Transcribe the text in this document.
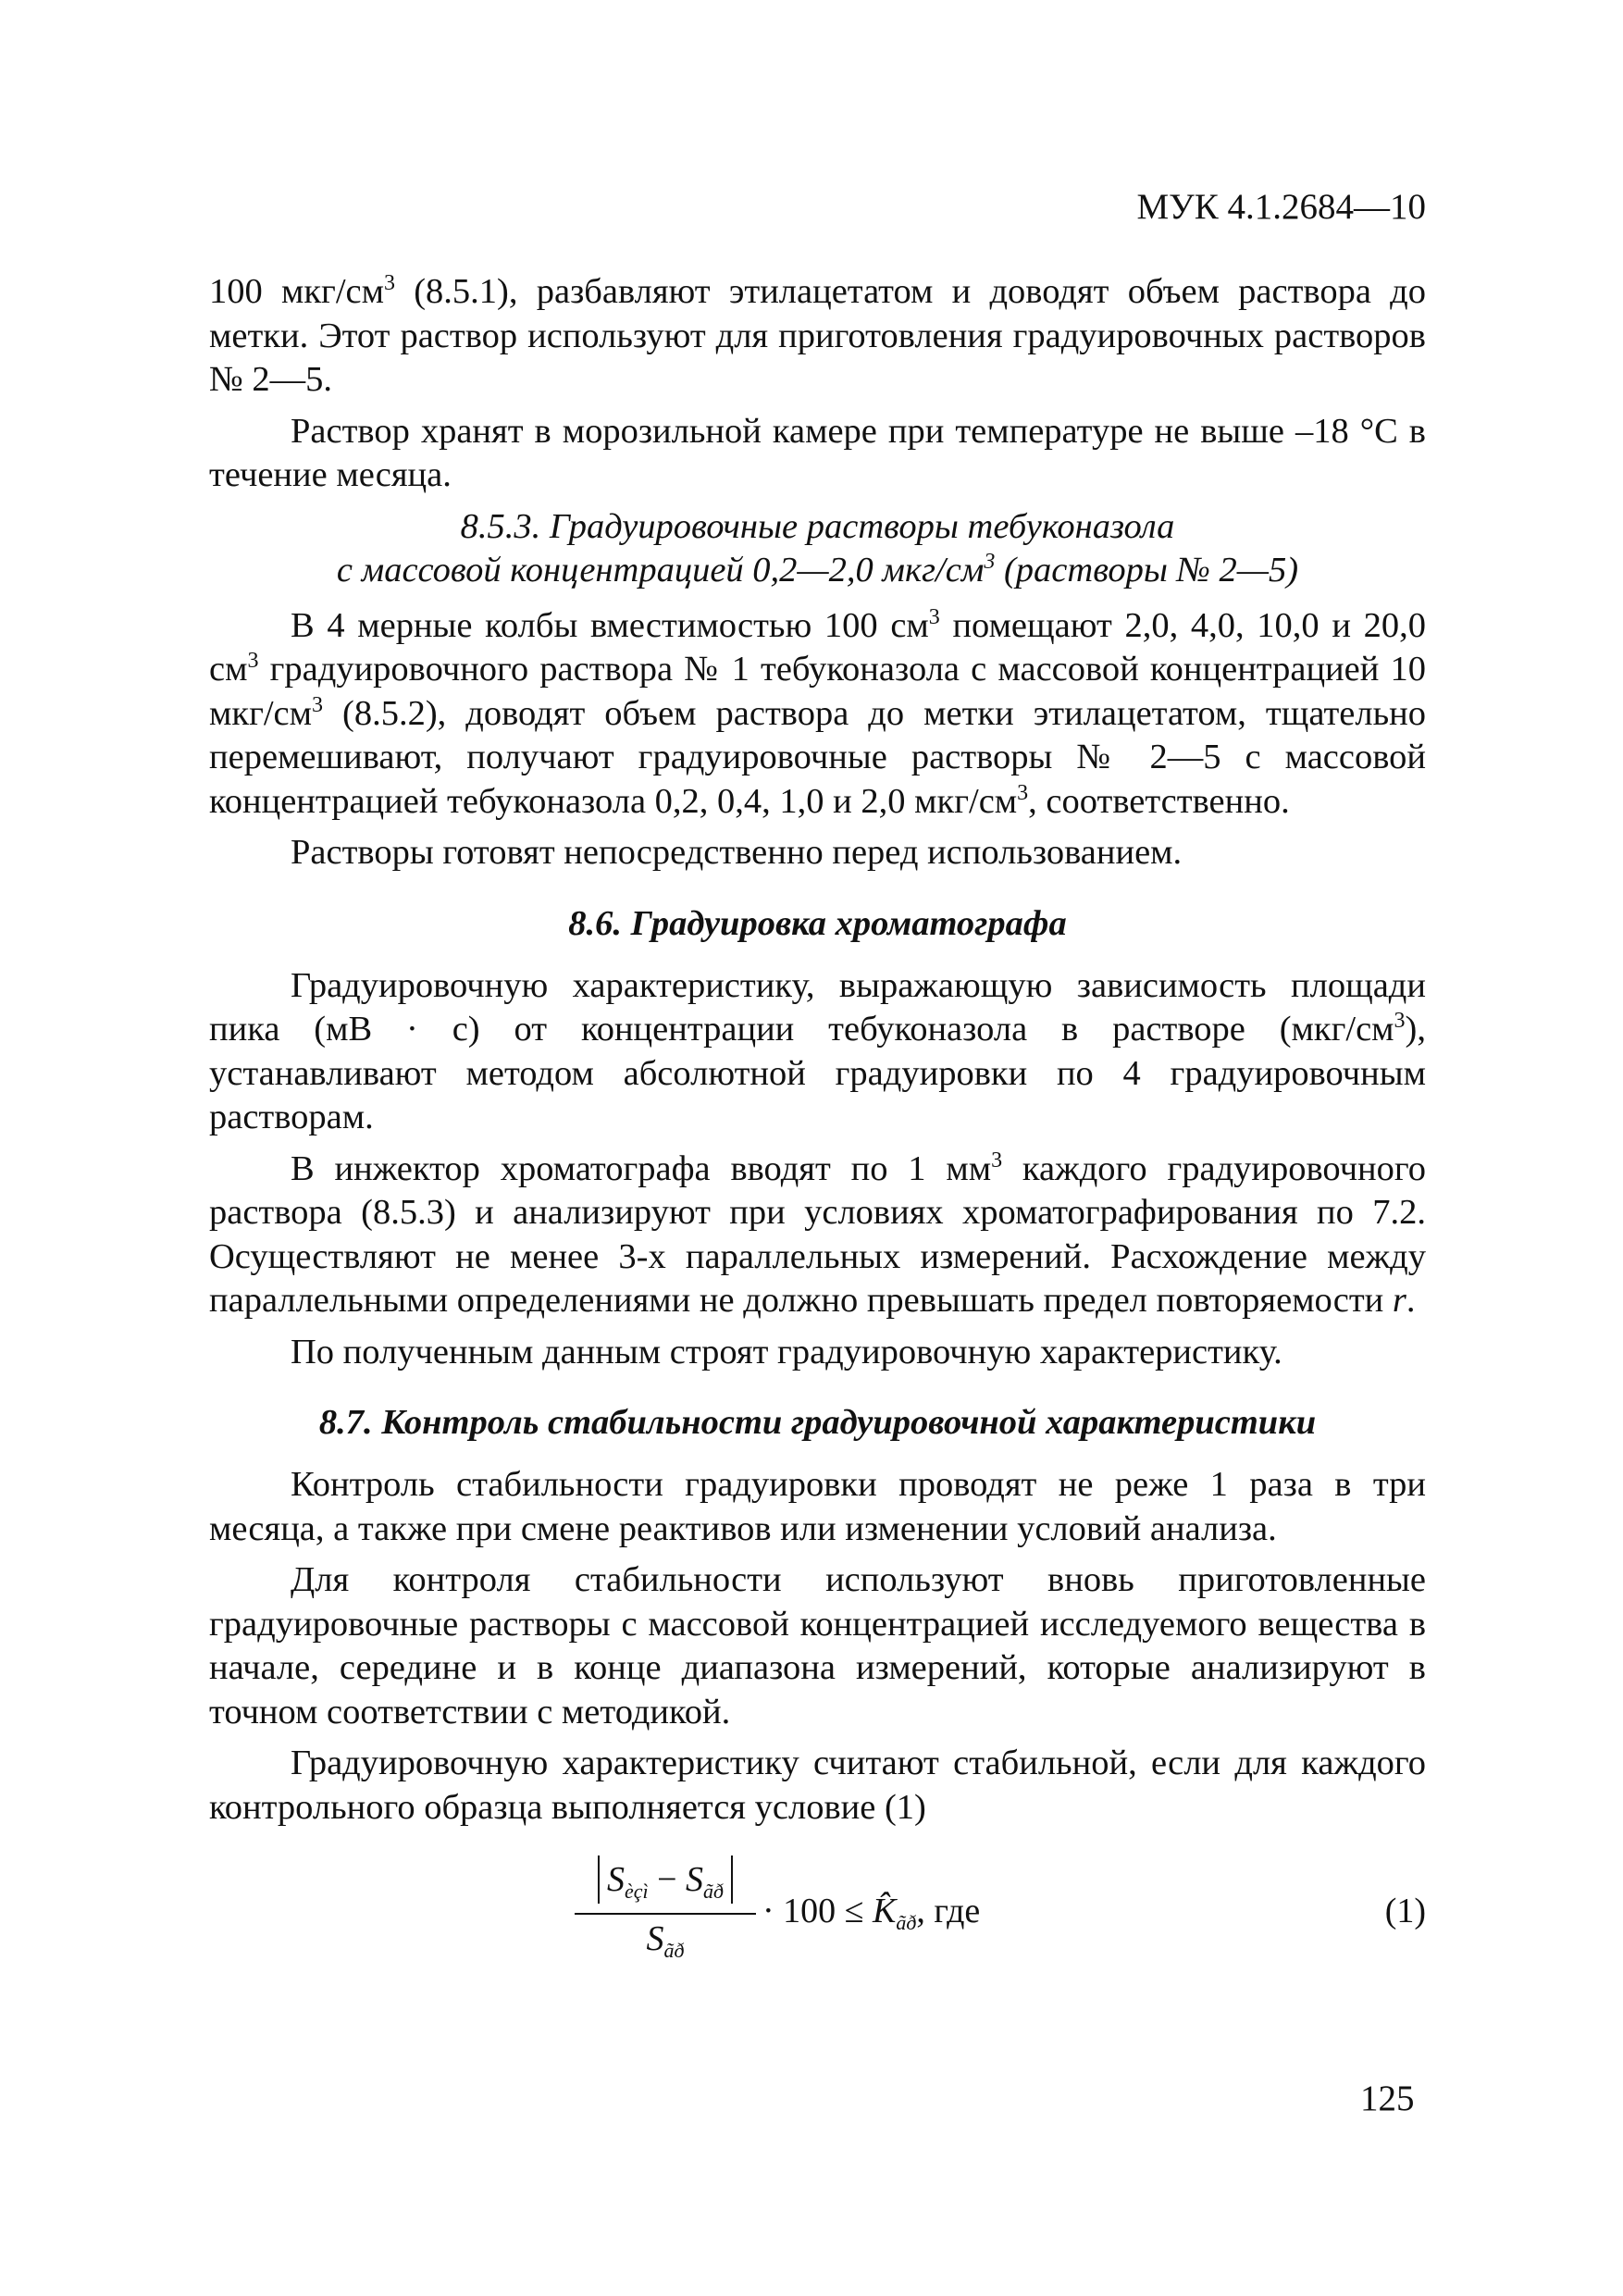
МУК 4.1.2684—10

100 мкг/$см^3$ (8.5.1), разбавляют этилацетатом и доводят объем раствора до метки. Этот раствор используют для приготовления градуировочных растворов № 2—5.

Раствор хранят в морозильной камере при температуре не выше –18 °С в течение месяца.

8.5.3. Градуировочные растворы тебуконазола
с массовой концентрацией 0,2—2,0 мкг/$см^3$ (растворы № 2—5)

В 4 мерные колбы вместимостью 100 $см^3$ помещают 2,0, 4,0, 10,0 и 20,0 $см^3$ градуировочного раствора № 1 тебуконазола с массовой концентрацией 10 мкг/$см^3$ (8.5.2), доводят объем раствора до метки этилацетатом, тщательно перемешивают, получают градуировочные растворы № 2—5 с массовой концентрацией тебуконазола 0,2, 0,4, 1,0 и 2,0 мкг/$см^3$, соответственно.

Растворы готовят непосредственно перед использованием.

8.6. Градуировка хроматографа

Градуировочную характеристику, выражающую зависимость площади пика (мВ · с) от концентрации тебуконазола в растворе $(мкг/см^3)$, устанавливают методом абсолютной градуировки по 4 градуировочным растворам.

В инжектор хроматографа вводят по 1 $мм^3$ каждого градуировочного раствора (8.5.3) и анализируют при условиях хроматографирования по 7.2. Осуществляют не менее 3-х параллельных измерений. Расхождение между параллельными определениями не должно превышать предел повторяемости r.

По полученным данным строят градуировочную характеристику.

8.7. Контроль стабильности градуировочной характеристики

Контроль стабильности градуировки проводят не реже 1 раза в три месяца, а также при смене реактивов или изменении условий анализа.

Для контроля стабильности используют вновь приготовленные градуировочные растворы с массовой концентрацией исследуемого вещества в начале, середине и в конце диапазона измерений, которые анализируют в точном соответствии с методикой.

Градуировочную характеристику считают стабильной, если для каждого контрольного образца выполняется условие (1)

$S_{èçì} - S_{ãð}$
$S_{ãð}$
· $100 \le K̂_{ãð}$, где	(1)
125
